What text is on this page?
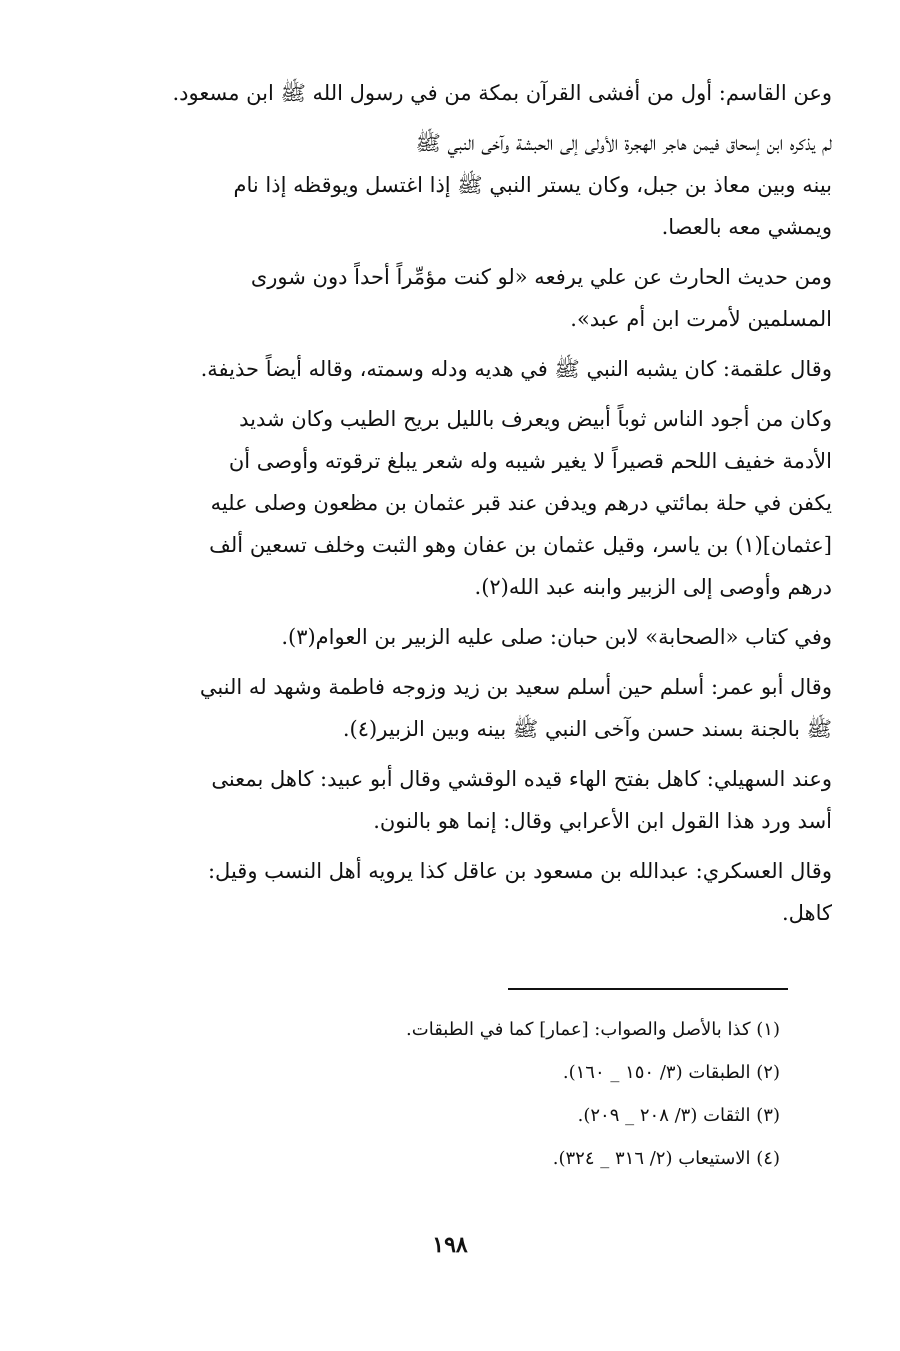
وعن القاسم: أول من أفشى القرآن بمكة من في رسول الله ﷺ ابن مسعود.

لم يذكره ابن إسحاق فيمن هاجر الهجرة الأولى إلى الحبشة وآخى النبي ﷺ
بينه وبين معاذ بن جبل، وكان يستر النبي ﷺ إذا اغتسل ويوقظه إذا نام
ويمشي معه بالعصا.

ومن حديث الحارث عن علي يرفعه «لو كنت مؤمِّراً أحداً دون شورى
المسلمين لأمرت ابن أم عبد».

وقال علقمة: كان يشبه النبي ﷺ في هديه ودله وسمته، وقاله أيضاً حذيفة.

وكان من أجود الناس ثوباً أبيض ويعرف بالليل بريح الطيب وكان شديد
الأدمة خفيف اللحم قصيراً لا يغير شيبه وله شعر يبلغ ترقوته وأوصى أن
يكفن في حلة بمائتي درهم ويدفن عند قبر عثمان بن مظعون وصلى عليه
[عثمان](١) بن ياسر، وقيل عثمان بن عفان وهو الثبت وخلف تسعين ألف
درهم وأوصى إلى الزبير وابنه عبد الله(٢).

وفي كتاب «الصحابة» لابن حبان: صلى عليه الزبير بن العوام(٣).

وقال أبو عمر: أسلم حين أسلم سعيد بن زيد وزوجه فاطمة وشهد له النبي
ﷺ بالجنة بسند حسن وآخى النبي ﷺ بينه وبين الزبير(٤).

وعند السهيلي: كاهل بفتح الهاء قيده الوقشي وقال أبو عبيد: كاهل بمعنى
أسد ورد هذا القول ابن الأعرابي وقال: إنما هو بالنون.

وقال العسكري: عبدالله بن مسعود بن عاقل كذا يرويه أهل النسب وقيل:
كاهل.

(١) كذا بالأصل والصواب: [عمار] كما في الطبقات.
(٢) الطبقات (٣/ ١٥٠ _ ١٦٠).
(٣) الثقات (٣/ ٢٠٨ _ ٢٠٩).
(٤) الاستيعاب (٢/ ٣١٦ _ ٣٢٤).
١٩٨
